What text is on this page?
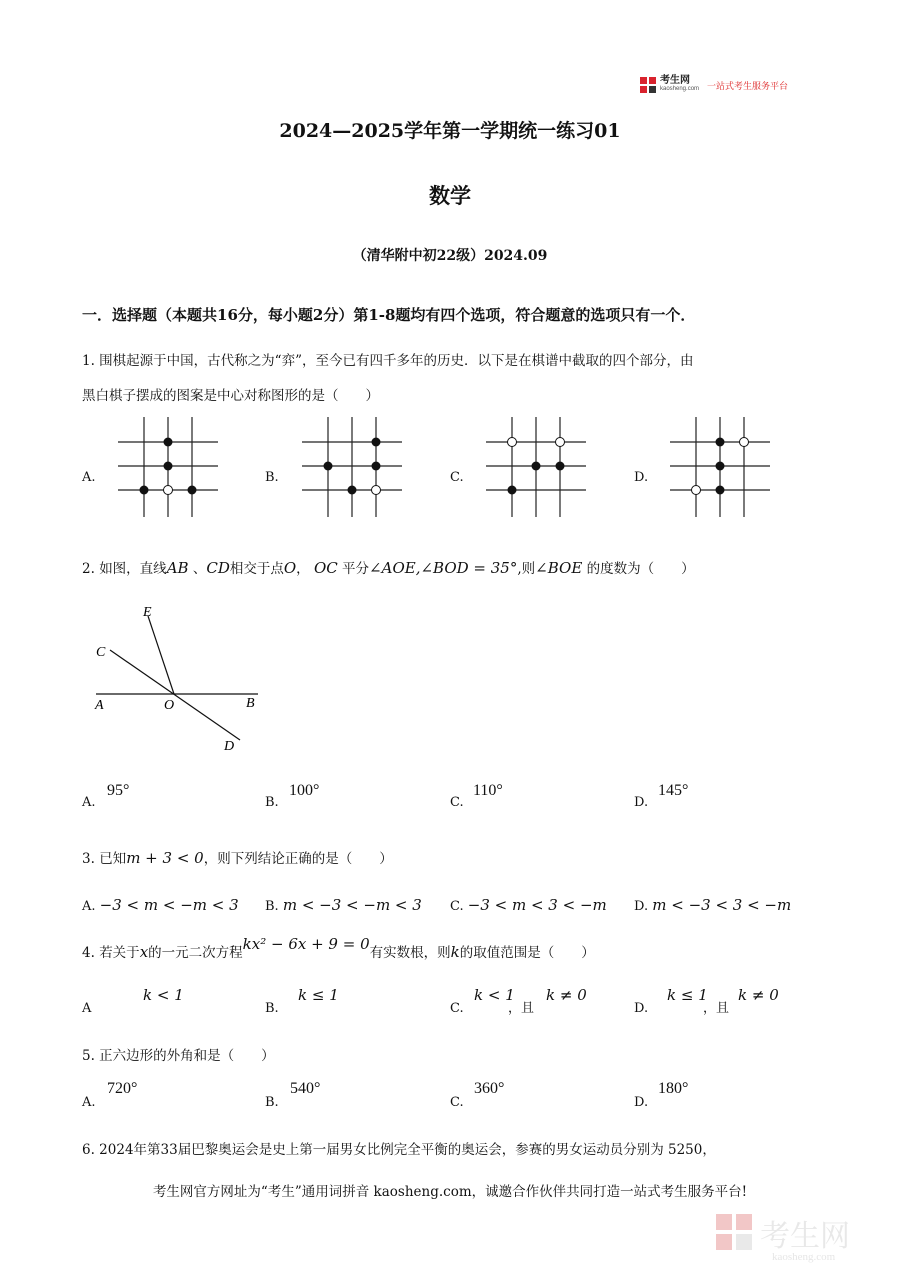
考生网
kaosheng.com 一站式考生服务平台
2024—2025学年第一学期统一练习01
数学
（清华附中初22级）2024.09
一．选择题（本题共16分，每小题2分）第1-8题均有四个选项，符合题意的选项只有一个．
1. 围棋起源于中国，古代称之为“弈”，至今已有四千多年的历史．以下是在棋谱中截取的四个部分，由
黑白棋子摆成的图案是中心对称图形的是（　　）
A.	B.	C.	D.
2. 如图，直线AB 、CD相交于点O， OC 平分∠AOE,∠BOD = 35°,则∠BOE 的度数为（　　）
E
C
A	O	B
D
A.
95°
B.
100°
C.
110°
D.
145°
3. 已知m + 3 < 0，则下列结论正确的是（　　）
A. −3 < m < −m < 3 B. m < −3 < −m < 3 C. −3 < m < 3 < −m D. m < −3 < 3 < −m
4. 若关于x的一元二次方程kx² − 6x + 9 = 0有实数根，则k的取值范围是（　　）
A
k < 1
B.
k ≤ 1
C.
k < 1
，且
k ≠ 0
D.
k ≤ 1
，且
k ≠ 0
5. 正六边形的外角和是（　　）
A.
720°
B.
540°
C.
360°
D.
180°
6. 2024年第33届巴黎奥运会是史上第一届男女比例完全平衡的奥运会，参赛的男女运动员分别为 5250，
考生网官方网址为“考生”通用词拼音 kaosheng.com，诚邀合作伙伴共同打造一站式考生服务平台!
考生网
kaosheng.com
